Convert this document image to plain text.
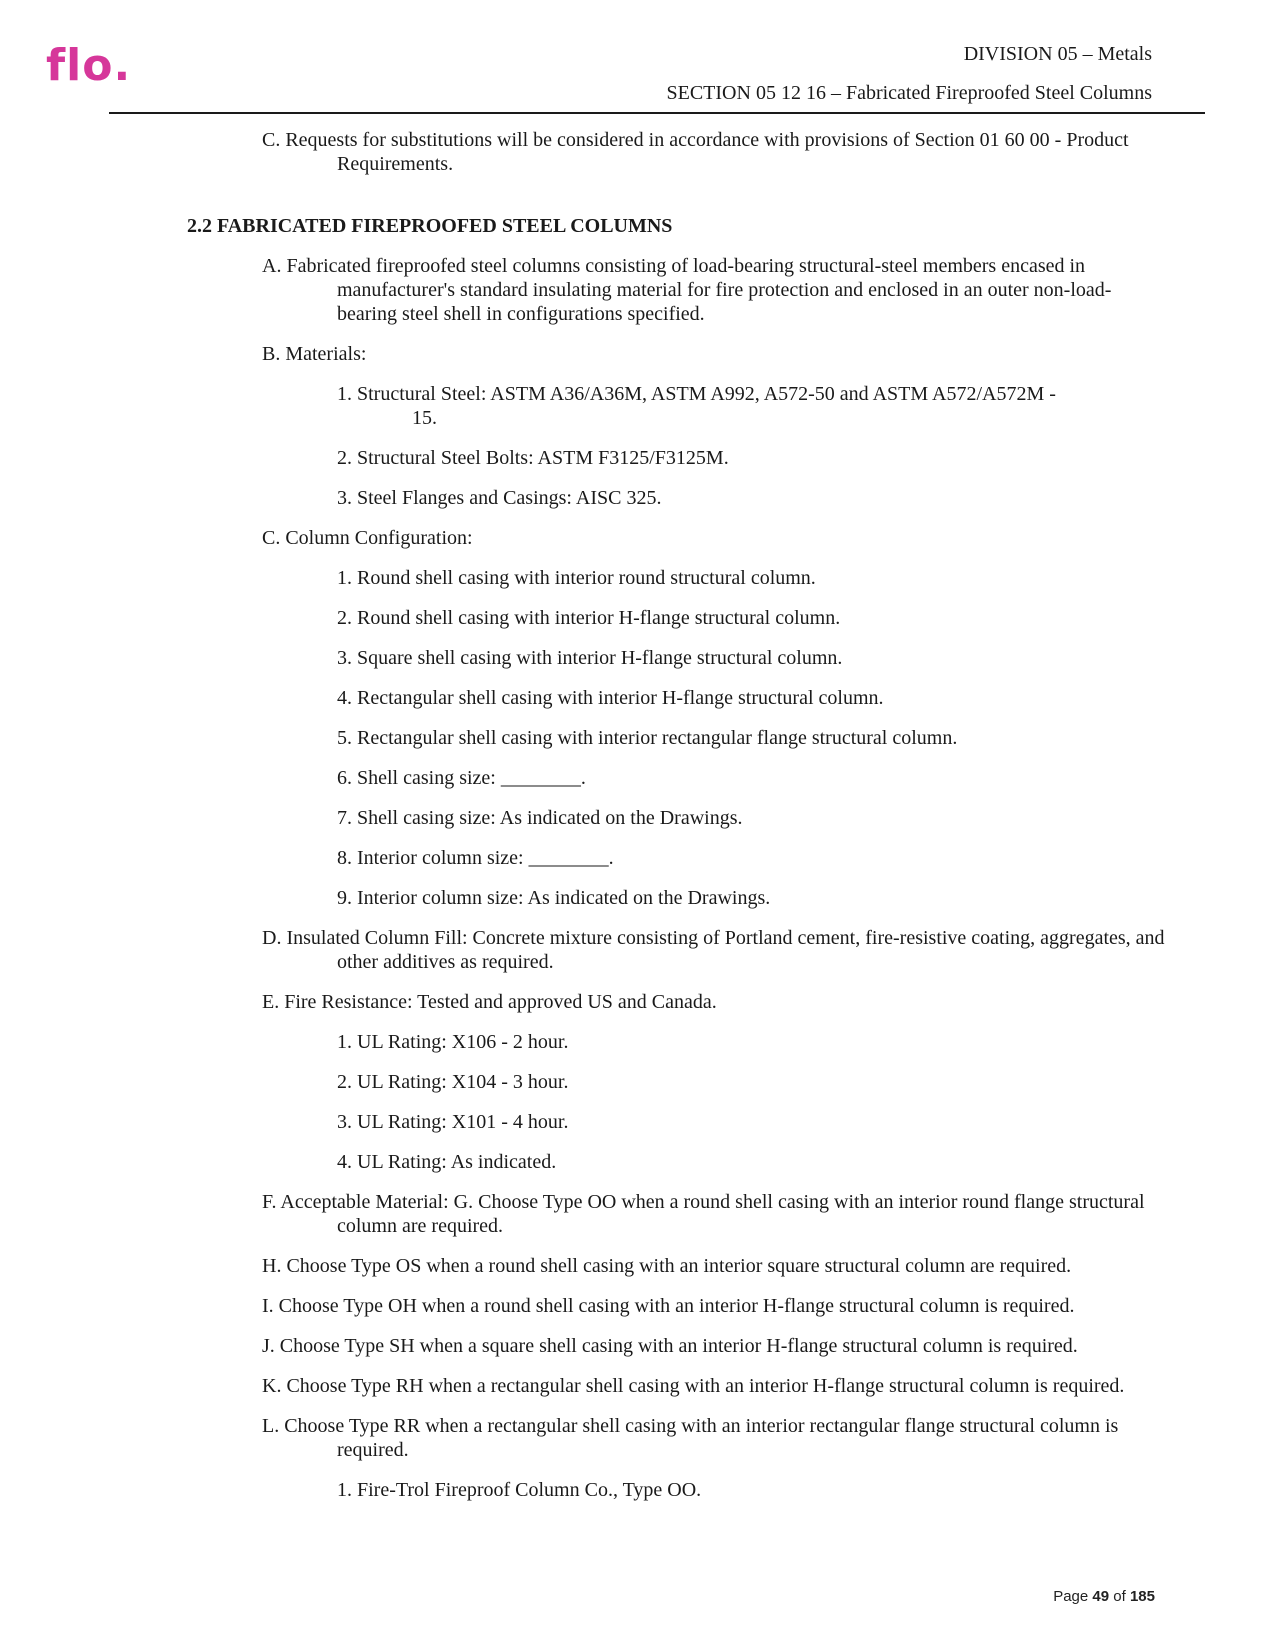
flo.	DIVISION 05 – Metals
SECTION 05 12 16 – Fabricated Fireproofed Steel Columns
C. Requests for substitutions will be considered in accordance with provisions of Section 01 60 00 - Product Requirements.
2.2 FABRICATED FIREPROOFED STEEL COLUMNS
A. Fabricated fireproofed steel columns consisting of load-bearing structural-steel members encased in manufacturer's standard insulating material for fire protection and enclosed in an outer non-load-bearing steel shell in configurations specified.
B. Materials:
1. Structural Steel: ASTM A36/A36M, ASTM A992, A572-50 and ASTM A572/A572M - 15.
2. Structural Steel Bolts: ASTM F3125/F3125M.
3. Steel Flanges and Casings: AISC 325.
C. Column Configuration:
1. Round shell casing with interior round structural column.
2. Round shell casing with interior H-flange structural column.
3. Square shell casing with interior H-flange structural column.
4. Rectangular shell casing with interior H-flange structural column.
5. Rectangular shell casing with interior rectangular flange structural column.
6. Shell casing size: ________.
7. Shell casing size: As indicated on the Drawings.
8. Interior column size: ________.
9. Interior column size: As indicated on the Drawings.
D. Insulated Column Fill: Concrete mixture consisting of Portland cement, fire-resistive coating, aggregates, and other additives as required.
E. Fire Resistance: Tested and approved US and Canada.
1. UL Rating: X106 - 2 hour.
2. UL Rating: X104 - 3 hour.
3. UL Rating: X101 - 4 hour.
4. UL Rating: As indicated.
F. Acceptable Material: G. Choose Type OO when a round shell casing with an interior round flange structural column are required.
H. Choose Type OS when a round shell casing with an interior square structural column are required.
I. Choose Type OH when a round shell casing with an interior H-flange structural column is required.
J. Choose Type SH when a square shell casing with an interior H-flange structural column is required.
K. Choose Type RH when a rectangular shell casing with an interior H-flange structural column is required.
L. Choose Type RR when a rectangular shell casing with an interior rectangular flange structural column is required.
1. Fire-Trol Fireproof Column Co., Type OO.
Page 49 of 185
